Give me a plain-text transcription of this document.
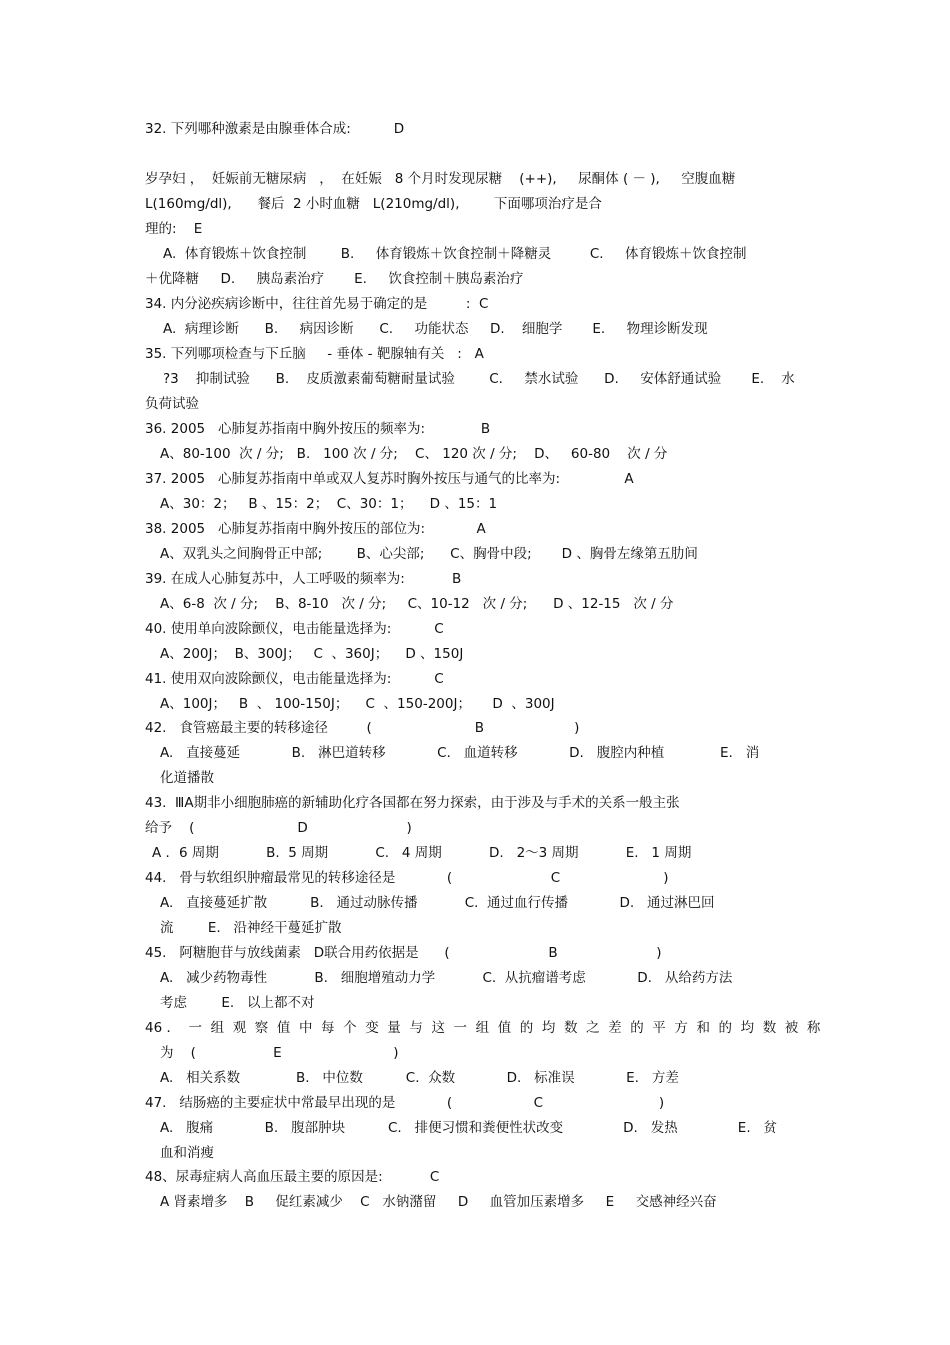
32. 下列哪种激素是由腺垂体合成:          D
岁孕妇 ，  妊娠前无糖尿病   ，  在妊娠   8 个月时发现尿糖    (++),     尿酮体 ( － ),     空腹血糖
L(160mg/dl),      餐后  2 小时血糖   L(210mg/dl),        下面哪项治疗是合
理的:    E
A.  体育锻炼＋饮食控制        B.     体育锻炼＋饮食控制＋降糖灵         C.     体育锻炼＋饮食控制
＋优降糖     D.     胰岛素治疗       E.     饮食控制＋胰岛素治疗
34. 内分泌疾病诊断中，往往首先易于确定的是         :  C
A.  病理诊断      B.     病因诊断      C.     功能状态     D.    细胞学       E.     物理诊断发现
35. 下列哪项检查与下丘脑     - 垂体 - 靶腺轴有关   :   A
?3    抑制试验      B.    皮质激素葡萄糖耐量试验        C.     禁水试验      D.     安体舒通试验       E.    水
负荷试验
36. 2005   心肺复苏指南中胸外按压的频率为:             B
A、80-100  次 / 分;   B.   100 次 / 分;    C、 120 次 / 分;    D、   60-80    次 / 分
37. 2005   心肺复苏指南中单或双人复苏时胸外按压与通气的比率为:               A
A、30：2；   B 、15：2；  C、30：1；    D 、15：1
38. 2005   心肺复苏指南中胸外按压的部位为:            A
A、双乳头之间胸骨正中部;        B、心尖部;      C、胸骨中段;       D 、胸骨左缘第五肋间
39. 在成人心肺复苏中，人工呼吸的频率为:           B
A、6-8  次 / 分;    B、8-10   次 / 分;     C、10-12   次 / 分;      D 、12-15   次 / 分
40. 使用单向波除颤仪，电击能量选择为:          C
A、200J；  B、300J；   C  、360J；    D 、150J
41. 使用双向波除颤仪，电击能量选择为:          C
A、100J；   B  、 100-150J；    C  、150-200J；     D  、300J
42.   食管癌最主要的转移途径         (                        B                     )
A.   直接蔓延            B.   淋巴道转移            C.   血道转移            D.   腹腔内种植             E.   消
化道播散
43.  ⅢA期非小细胞肺癌的新辅助化疗各国都在努力探索，由于涉及与手术的关系一般主张
给予    (                        D                       )
A ．6 周期           B.  5 周期           C.   4 周期           D.   2～3 周期           E.   1 周期
44.   骨与软组织肿瘤最常见的转移途径是            (                       C                        )
A.   直接蔓延扩散          B.   通过动脉传播           C.  通过血行传播            D.   通过淋巴回
流        E.   沿神经干蔓延扩散
45.   阿糖胞苷与放线菌素   D联合用药依据是      (                       B                       )
A.   减少药物毒性           B.   细胞增殖动力学           C.  从抗瘤谱考虑            D.   从给药方法
考虑        E.   以上都不对
46 ．  一  组  观  察  值  中  每  个  变  量  与  这  一  组  值  的  均  数  之  差  的  平  方  和  的  均  数  被  称
为    (                  E                          )
A.   相关系数             B.   中位数          C.  众数            D.   标准误            E.   方差
47.   结肠癌的主要症状中常最早出现的是            (                   C                           )
A.   腹痛            B.   腹部肿块          C.   排便习惯和粪便性状改变              D.   发热              E.   贫
血和消瘦
48、尿毒症病人高血压最主要的原因是:           C
A 肾素增多    B     促红素减少    C   水钠潴留     D     血管加压素增多     E     交感神经兴奋
